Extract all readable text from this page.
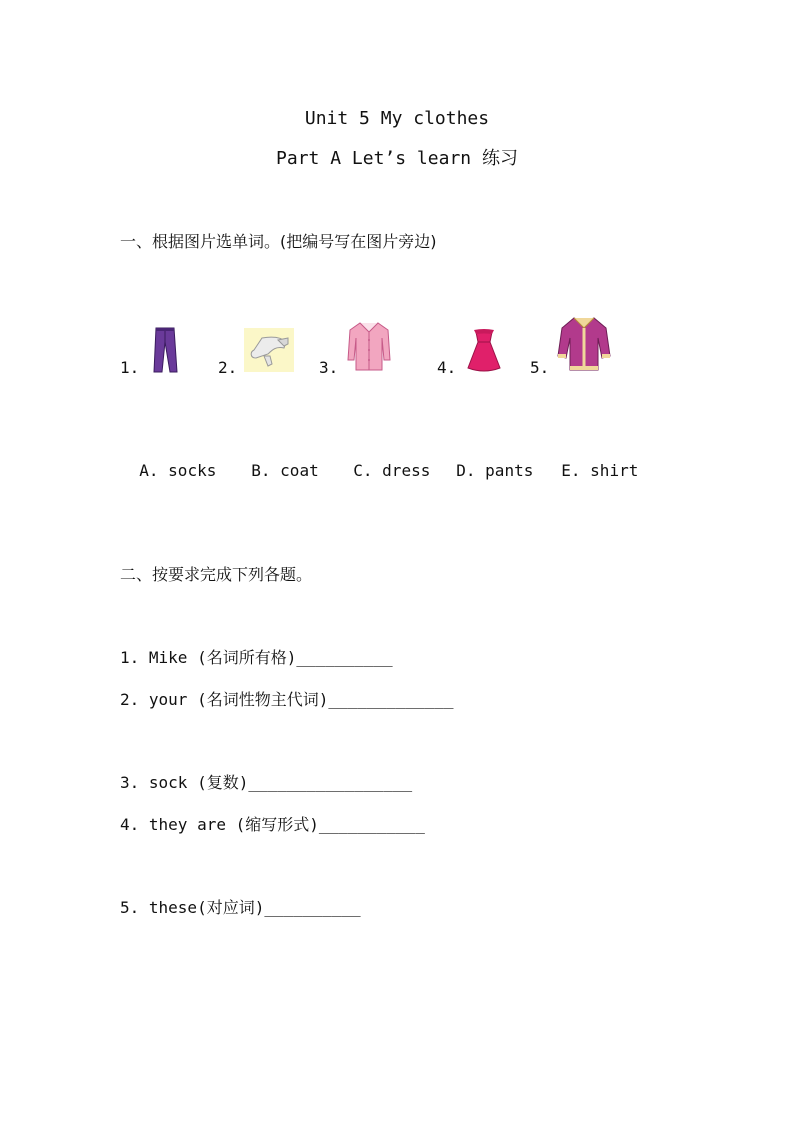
Unit 5 My clothes
Part A Let’s learn 练习
一、根据图片选单词。(把编号写在图片旁边)
1.	2.	3.	4.	5.

A. socks	B. coat	C. dress	D. pants	E. shirt

二、按要求完成下列各题。
1. Mike (名词所有格)__________
2. your (名词性物主代词)_____________
3. sock (复数)_________________
4. they are (缩写形式)___________
5. these(对应词)__________
